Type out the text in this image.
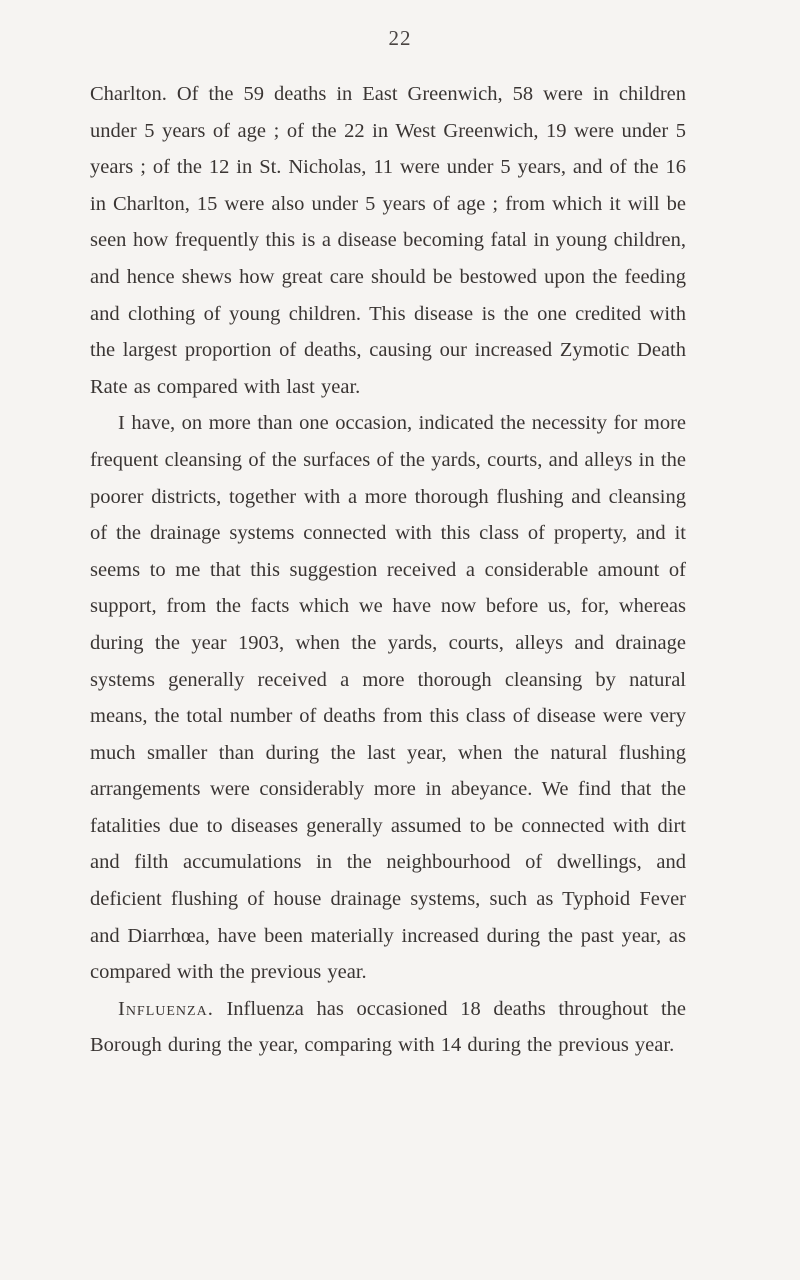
22

Charlton. Of the 59 deaths in East Greenwich, 58 were in children under 5 years of age ; of the 22 in West Greenwich, 19 were under 5 years ; of the 12 in St. Nicholas, 11 were under 5 years, and of the 16 in Charlton, 15 were also under 5 years of age ; from which it will be seen how frequently this is a disease becoming fatal in young children, and hence shews how great care should be bestowed upon the feeding and clothing of young children. This disease is the one credited with the largest proportion of deaths, causing our increased Zymotic Death Rate as compared with last year.

I have, on more than one occasion, indicated the necessity for more frequent cleansing of the surfaces of the yards, courts, and alleys in the poorer districts, together with a more thorough flushing and cleansing of the drainage systems connected with this class of property, and it seems to me that this suggestion received a considerable amount of support, from the facts which we have now before us, for, whereas during the year 1903, when the yards, courts, alleys and drainage systems generally received a more thorough cleansing by natural means, the total number of deaths from this class of disease were very much smaller than during the last year, when the natural flushing arrangements were considerably more in abeyance. We find that the fatalities due to diseases generally assumed to be connected with dirt and filth accumulations in the neighbourhood of dwellings, and deficient flushing of house drainage systems, such as Typhoid Fever and Diarrhœa, have been materially increased during the past year, as compared with the previous year.

Influenza. Influenza has occasioned 18 deaths throughout the Borough during the year, comparing with 14 during the previous year.
